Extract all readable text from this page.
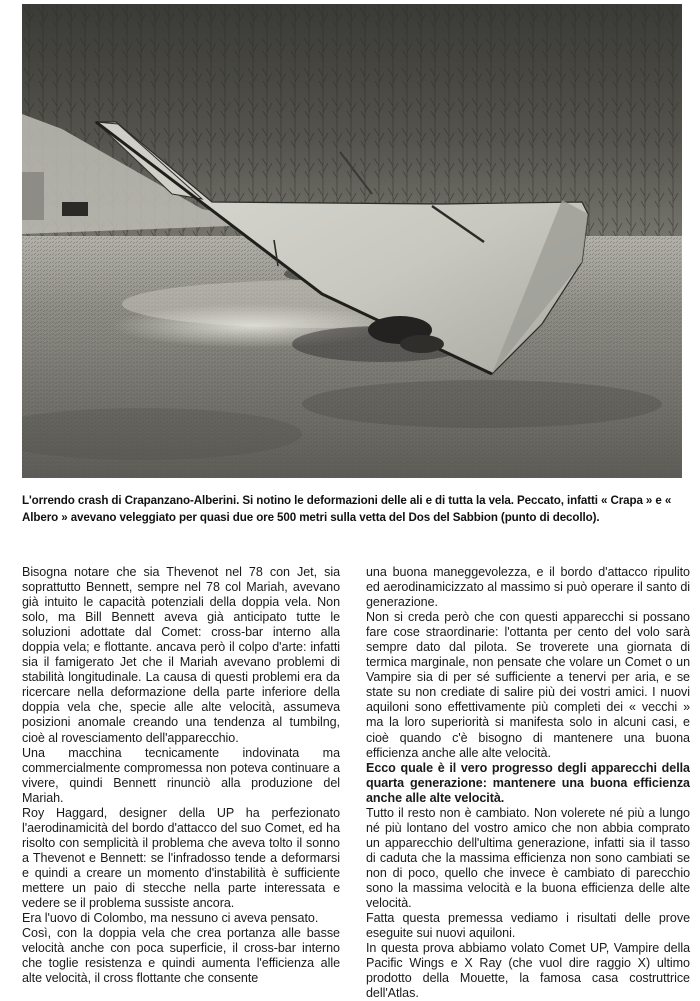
L'orrendo crash di Crapanzano-Alberini. Si notino le deformazioni delle ali e di tutta la vela. Peccato, infatti « Crapa » e « Albero » avevano veleggiato per quasi due ore 500 metri sulla vetta del Dos del Sabbion (punto di decollo).

Bisogna notare che sia Thevenot nel 78 con Jet, sia soprattutto Bennett, sempre nel 78 col Mariah, avevano già intuito le capacità potenziali della doppia vela. Non solo, ma Bill Bennett aveva già anticipato tutte le soluzioni adottate dal Comet: cross-bar interno alla doppia vela; e flottante. ancava però il colpo d'arte: infatti sia il famigerato Jet che il Mariah avevano problemi di stabilità longitudinale. La causa di questi problemi era da ricercare nella deformazione della parte inferiore della doppia vela che, specie alle alte velocità, assumeva posizioni anomale creando una tendenza al tumbilng, cioè al rovesciamento dell'apparecchio.

Una macchina tecnicamente indovinata ma commercialmente compromessa non poteva continuare a vivere, quindi Bennett rinunciò alla produzione del Mariah.

Roy Haggard, designer della UP ha perfezionato l'aerodinamicità del bordo d'attacco del suo Comet, ed ha risolto con semplicità il problema che aveva tolto il sonno a Thevenot e Bennett: se l'infradosso tende a deformarsi e quindi a creare un momento d'instabilità è sufficiente mettere un paio di stecche nella parte interessata e vedere se il problema sussiste ancora.

Era l'uovo di Colombo, ma nessuno ci aveva pensato.

Così, con la doppia vela che crea portanza alle basse velocità anche con poca superficie, il cross-bar interno che toglie resistenza e quindi aumenta l'efficienza alle alte velocità, il cross flottante che consente

una buona maneggevolezza, e il bordo d'attacco ripulito ed aerodinamicizzato al massimo si può operare il santo di generazione.

Non si creda però che con questi apparecchi si possano fare cose straordinarie: l'ottanta per cento del volo sarà sempre dato dal pilota. Se troverete una giornata di termica marginale, non pensate che volare un Comet o un Vampire sia di per sé sufficiente a tenervi per aria, e se state su non crediate di salire più dei vostri amici. I nuovi aquiloni sono effettivamente più completi dei « vecchi » ma la loro superiorità si manifesta solo in alcuni casi, e cioè quando c'è bisogno di mantenere una buona efficienza anche alle alte velocità.

Ecco quale è il vero progresso degli apparecchi della quarta generazione: mantenere una buona efficienza anche alle alte velocità.

Tutto il resto non è cambiato. Non volerete né più a lungo né più lontano del vostro amico che non abbia comprato un apparecchio dell'ultima generazione, infatti sia il tasso di caduta che la massima efficienza non sono cambiati se non di poco, quello che invece è cambiato di parecchio sono la massima velocità e la buona efficienza delle alte velocità.

Fatta questa premessa vediamo i risultati delle prove eseguite sui nuovi aquiloni.

In questa prova abbiamo volato Comet UP, Vampire della Pacific Wings e X Ray (che vuol dire raggio X) ultimo prodotto della Mouette, la famosa casa costruttrice dell'Atlas.
